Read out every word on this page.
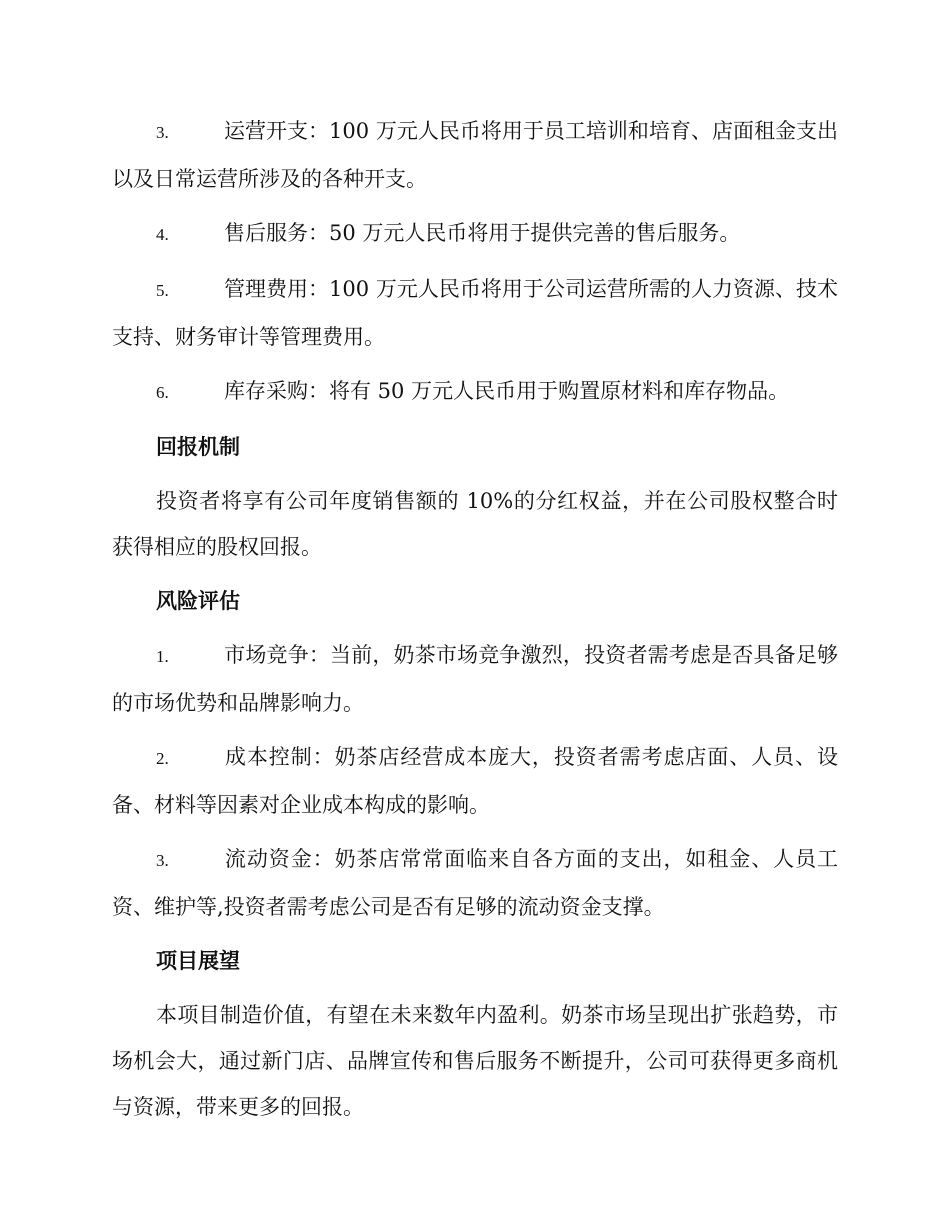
3.	运营开支：100 万元人民币将用于员工培训和培育、店面租金支出以及日常运营所涉及的各种开支。

4.	售后服务：50 万元人民币将用于提供完善的售后服务。

5.	管理费用：100 万元人民币将用于公司运营所需的人力资源、技术支持、财务审计等管理费用。

6.	库存采购：将有 50 万元人民币用于购置原材料和库存物品。

回报机制

投资者将享有公司年度销售额的 10%的分红权益，并在公司股权整合时获得相应的股权回报。

风险评估

1.	市场竞争：当前，奶茶市场竞争激烈，投资者需考虑是否具备足够的市场优势和品牌影响力。

2.	成本控制：奶茶店经营成本庞大，投资者需考虑店面、人员、设备、材料等因素对企业成本构成的影响。

3.	流动资金：奶茶店常常面临来自各方面的支出，如租金、人员工资、维护等,投资者需考虑公司是否有足够的流动资金支撑。

项目展望

本项目制造价值，有望在未来数年内盈利。奶茶市场呈现出扩张趋势，市场机会大，通过新门店、品牌宣传和售后服务不断提升，公司可获得更多商机与资源，带来更多的回报。
